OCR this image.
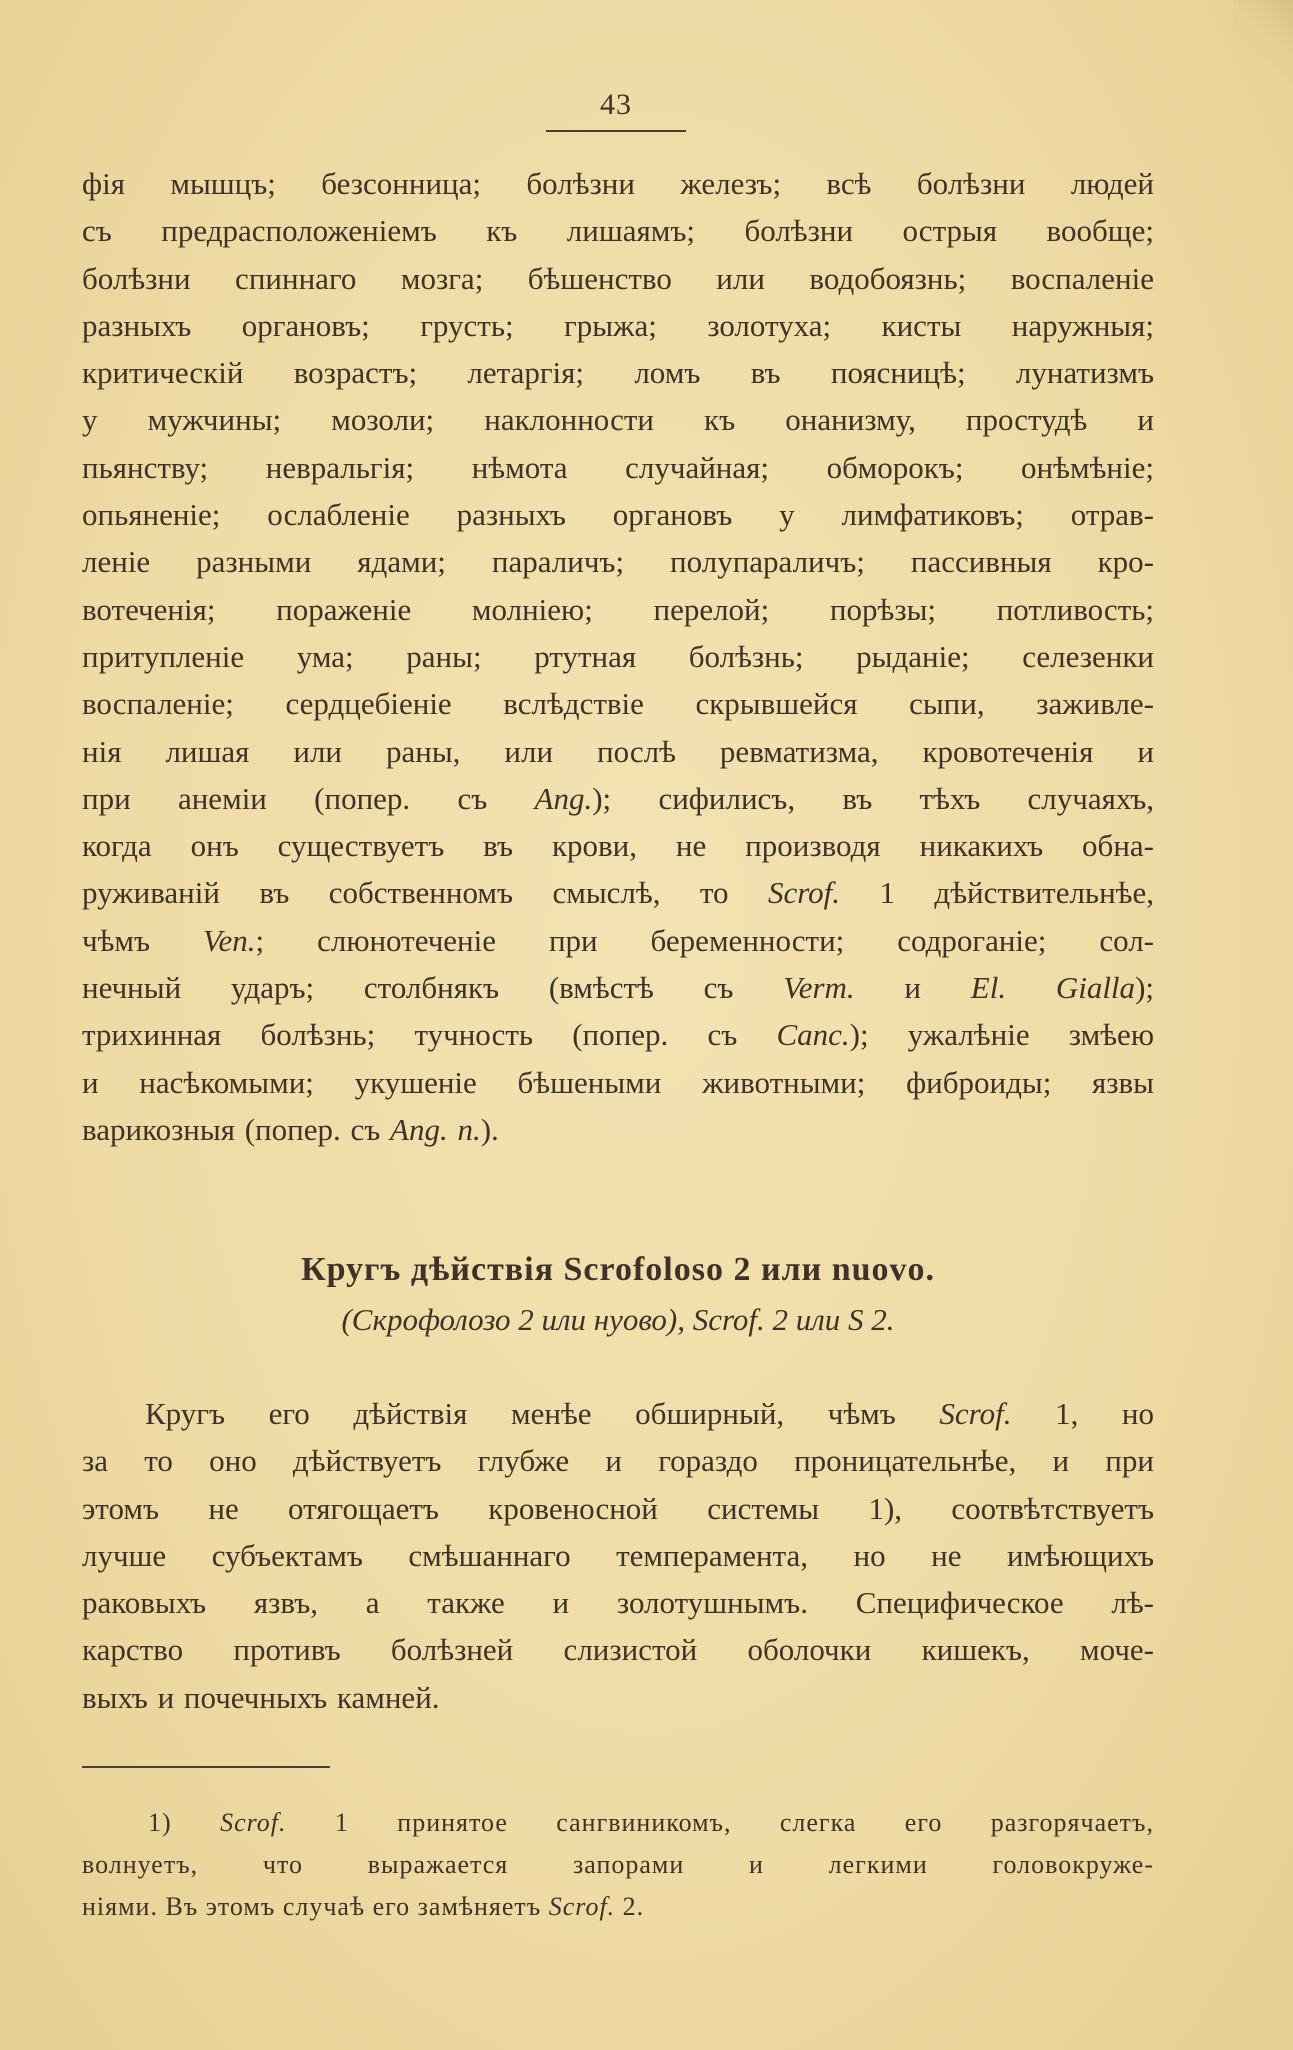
43
фія мышцъ; безсонница; болѣзни железъ; всѣ болѣзни людей
съ предрасположеніемъ къ лишаямъ; болѣзни острыя вообще;
болѣзни спиннаго мозга; бѣшенство или водобоязнь; воспаленіе
разныхъ органовъ; грусть; грыжа; золотуха; кисты наружныя;
критическій возрастъ; летаргія; ломъ въ поясницѣ; лунатизмъ
у мужчины; мозоли; наклонности къ онанизму, простудѣ и
пьянству; невральгія; нѣмота случайная; обморокъ; онѣмѣніе;
опьяненіе; ослабленіе разныхъ органовъ у лимфатиковъ; отрав-
леніе разными ядами; параличъ; полупараличъ; пассивныя кро-
вотеченія; пораженіе молніею; перелой; порѣзы; потливость;
притупленіе ума; раны; ртутная болѣзнь; рыданіе; селезенки
воспаленіе; сердцебіеніе вслѣдствіе скрывшейся сыпи, заживле-
нія лишая или раны, или послѣ ревматизма, кровотеченія и
при анеміи (попер. съ Ang.); сифилисъ, въ тѣхъ случаяхъ,
когда онъ существуетъ въ крови, не производя никакихъ обна-
руживаній въ собственномъ смыслѣ, то Scrof. 1 дѣйствительнѣе,
чѣмъ Ven.; слюнотеченіе при беременности; содроганіе; сол-
нечный ударъ; столбнякъ (вмѣстѣ съ Verm. и El. Gialla);
трихинная болѣзнь; тучность (попер. съ Canc.); ужалѣніе змѣею
и насѣкомыми; укушеніе бѣшеными животными; фиброиды; язвы
варикозныя (попер. съ Ang. n.).
Кругъ дѣйствія Scrofoloso 2 или nuovo.
(Скрофолозо 2 или нуово), Scrof. 2 или S 2.
Кругъ его дѣйствія менѣе обширный, чѣмъ Scrof. 1, но
за то оно дѣйствуетъ глубже и гораздо проницательнѣе, и при
этомъ не отягощаетъ кровеносной системы 1), соотвѣтствуетъ
лучше субъектамъ смѣшаннаго темперамента, но не имѣющихъ
раковыхъ язвъ, а также и золотушнымъ. Специфическое лѣ-
карство противъ болѣзней слизистой оболочки кишекъ, моче-
выхъ и почечныхъ камней.
1) Scrof. 1 принятое сангвиникомъ, слегка его разгорячаетъ,
волнуетъ, что выражается запорами и легкими головокруже-
ніями. Въ этомъ случаѣ его замѣняетъ Scrof. 2.
